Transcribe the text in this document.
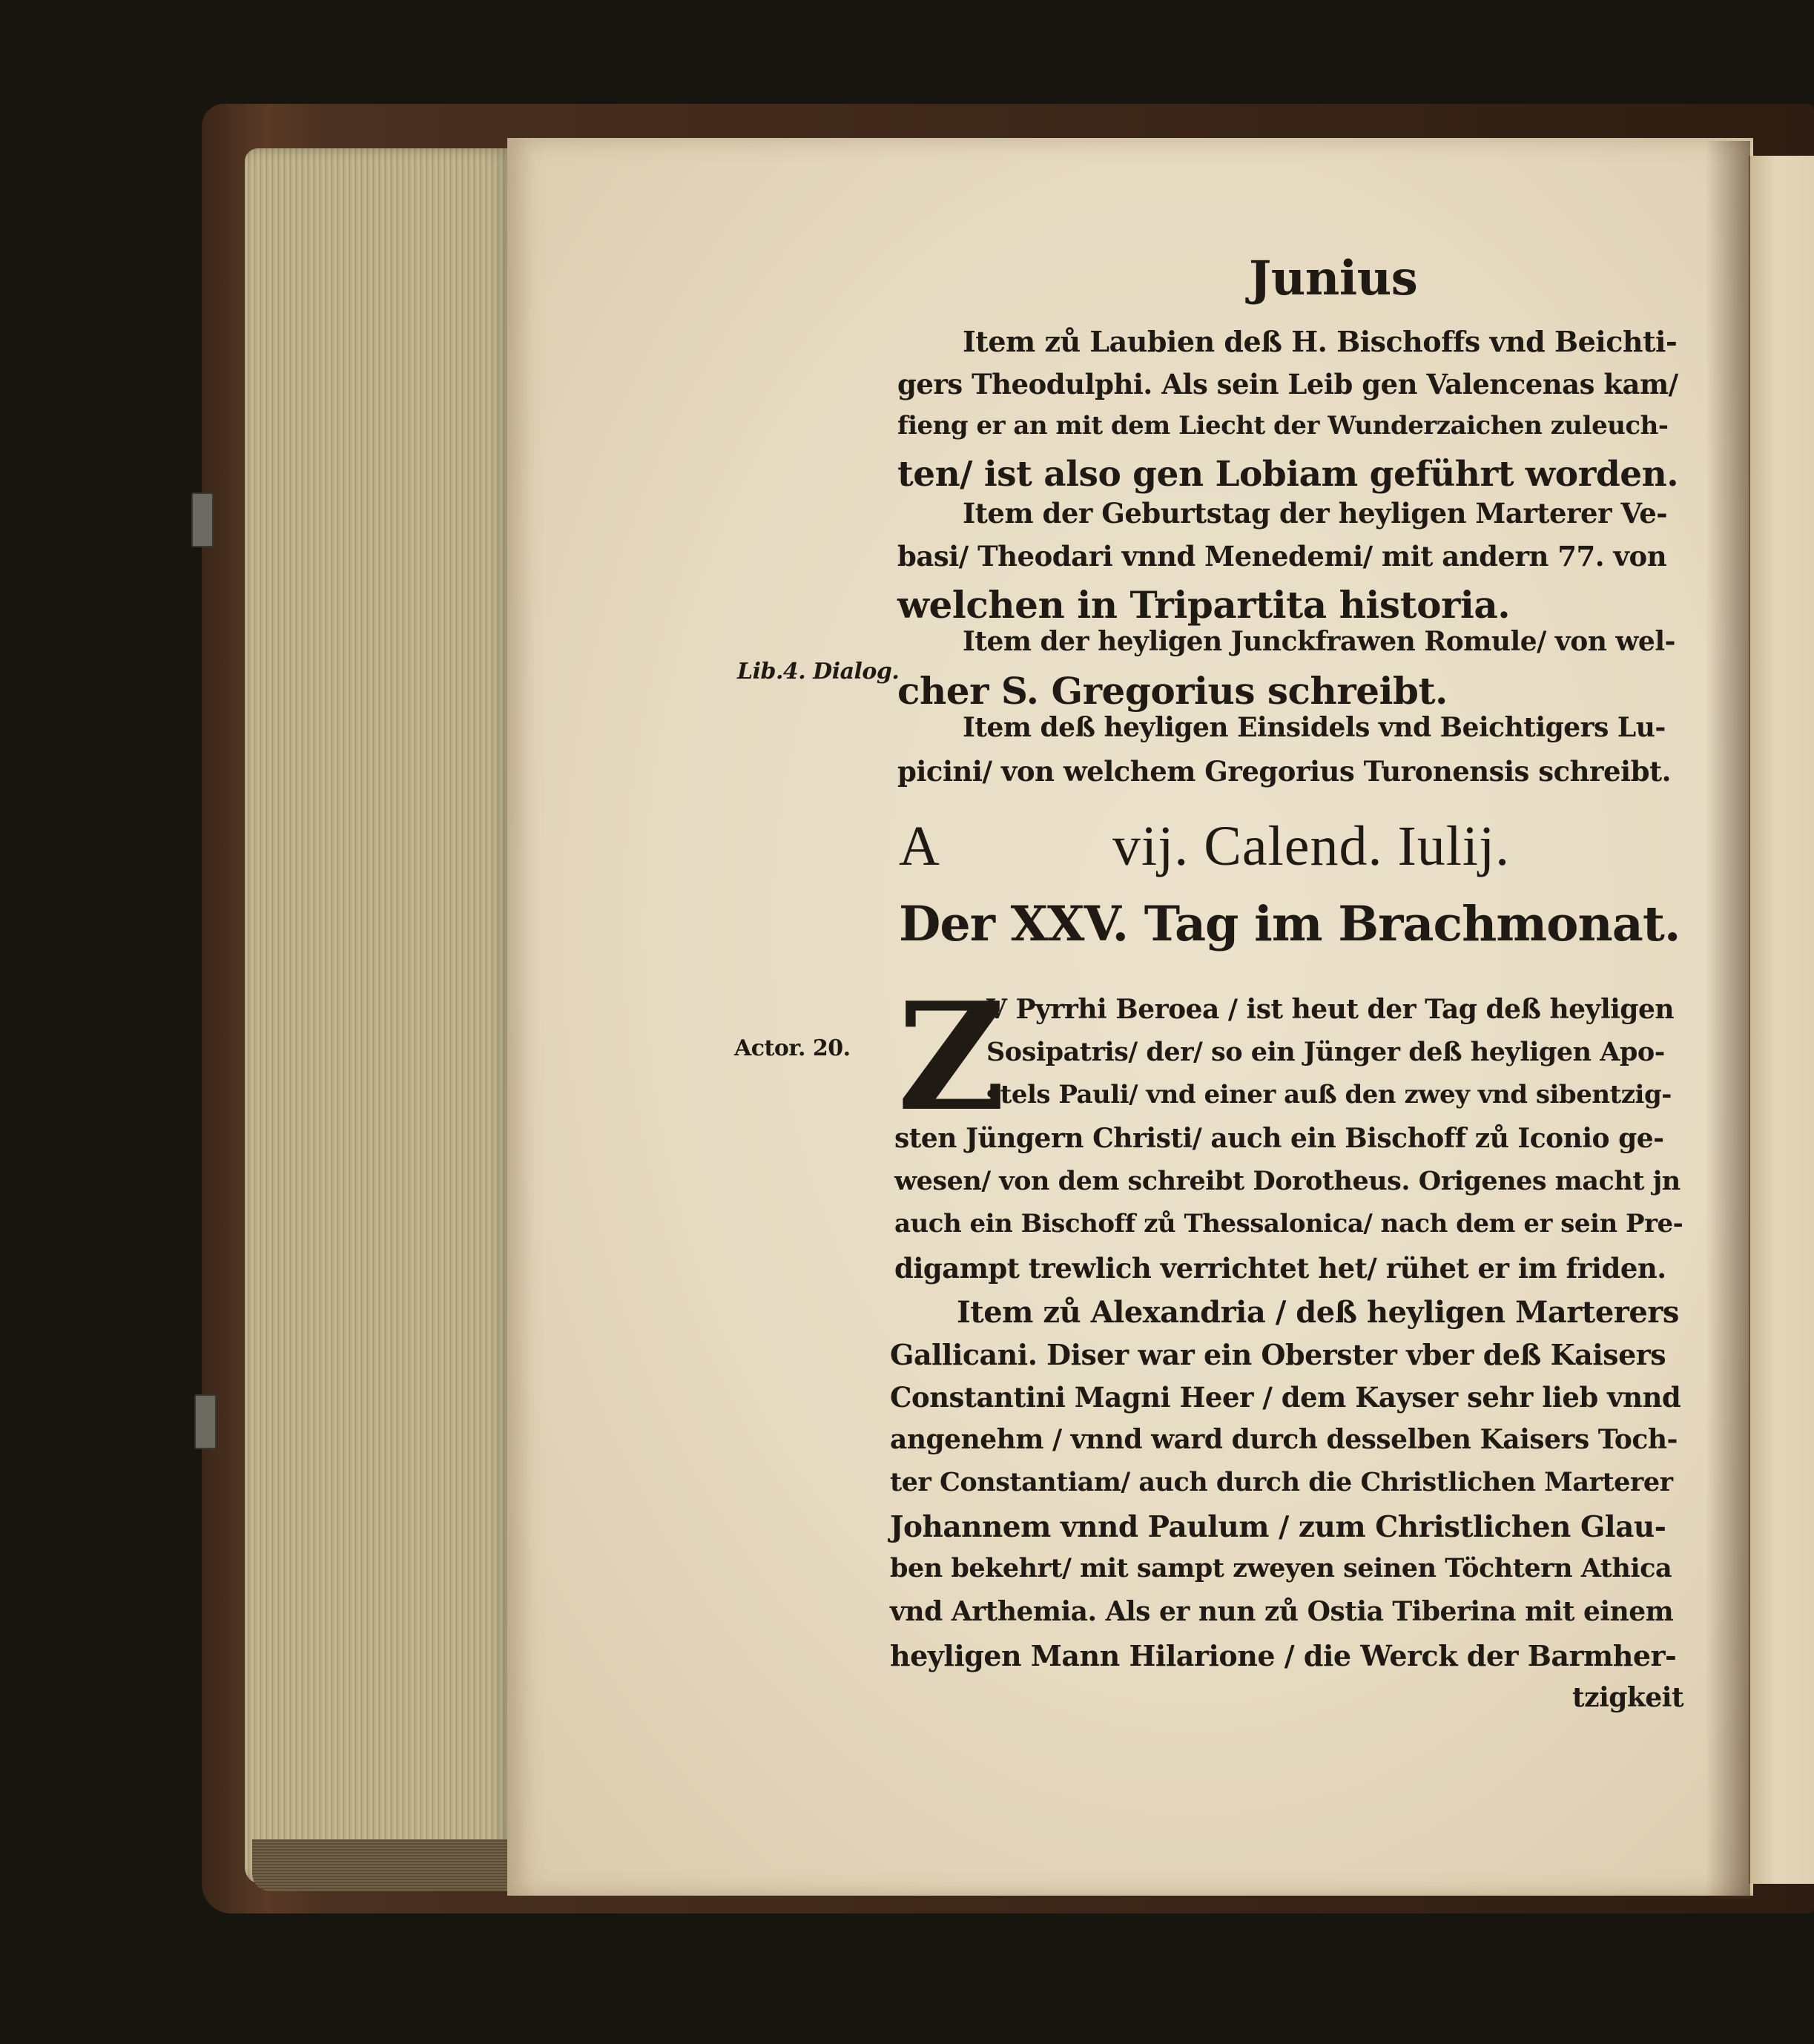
Junius
Item zů Laubien deß H. Bischoffs vnd Beichti-
gers Theodulphi. Als sein Leib gen Valencenas kam/
fieng er an mit dem Liecht der Wunderzaichen zuleuch-
ten/ ist also gen Lobiam geführt worden.
Item der Geburtstag der heyligen Marterer Ve-
basi/ Theodari vnnd Menedemi/ mit andern 77. von
welchen in Tripartita historia.
Item der heyligen Junckfrawen Romule/ von wel-
Lib.4. Dialog.
cher S. Gregorius schreibt.
Item deß heyligen Einsidels vnd Beichtigers Lu-
picini/ von welchem Gregorius Turonensis schreibt.
A	vij. Calend. Iulij.
Der XXV. Tag im Brachmonat.
Z
Actor. 20.
V Pyrrhi Beroea / ist heut der Tag deß heyligen
Sosipatris/ der/ so ein Jünger deß heyligen Apo-
stels Pauli/ vnd einer auß den zwey vnd sibentzig-
sten Jüngern Christi/ auch ein Bischoff zů Iconio ge-
wesen/ von dem schreibt Dorotheus. Origenes macht jn
auch ein Bischoff zů Thessalonica/ nach dem er sein Pre-
digampt trewlich verrichtet het/ rühet er im friden.
Item zů Alexandria / deß heyligen Marterers
Gallicani. Diser war ein Oberster vber deß Kaisers
Constantini Magni Heer / dem Kayser sehr lieb vnnd
angenehm / vnnd ward durch desselben Kaisers Toch-
ter Constantiam/ auch durch die Christlichen Marterer
Johannem vnnd Paulum / zum Christlichen Glau-
ben bekehrt/ mit sampt zweyen seinen Töchtern Athica
vnd Arthemia. Als er nun zů Ostia Tiberina mit einem
heyligen Mann Hilarione / die Werck der Barmher-
tzigkeit
